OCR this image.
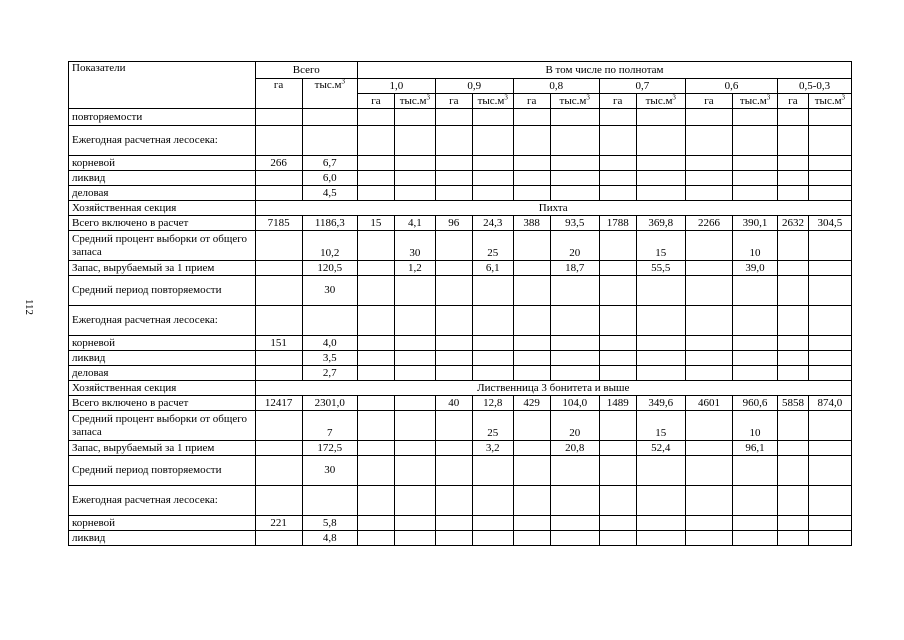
112
Показатели	Всего		В том числе по полнотам											
	га	$тыс.м^3$	1,0		0,9		0,8		0,7		0,6		0,5-0,3	
			га	$тыс.м^3$	га	$тыс.м^3$	га	$тыс.м^3$	га	$тыс.м^3$	га	$тыс.м^3$	га	$тыс.м^3$
повторяемости														
Ежегодная расчетная лесосека:														
корневой	266	6,7												
ликвид		6,0												
деловая		4,5												
Хозяйственная секция	Пихта													
Всего включено в расчет	7185	1186,3	15	4,1	96	24,3	388	93,5	1788	369,8	2266	390,1	2632	304,5
Средний процент выборки от общего запаса		10,2		30		25		20		15		10		
Запас, вырубаемый за 1 прием		120,5		1,2		6,1		18,7		55,5		39,0		
Средний период повторяемости		30												
Ежегодная расчетная лесосека:														
корневой	151	4,0												
ликвид		3,5												
деловая		2,7												
Хозяйственная секция	Лиственница 3 бонитета и выше													
Всего включено в расчет	12417	2301,0			40	12,8	429	104,0	1489	349,6	4601	960,6	5858	874,0
Средний процент выборки от общего запаса		7				25		20		15		10		
Запас, вырубаемый за 1 прием		172,5				3,2		20,8		52,4		96,1		
Средний период повторяемости		30												
Ежегодная расчетная лесосека:														
корневой	221	5,8												
ликвид		4,8												
